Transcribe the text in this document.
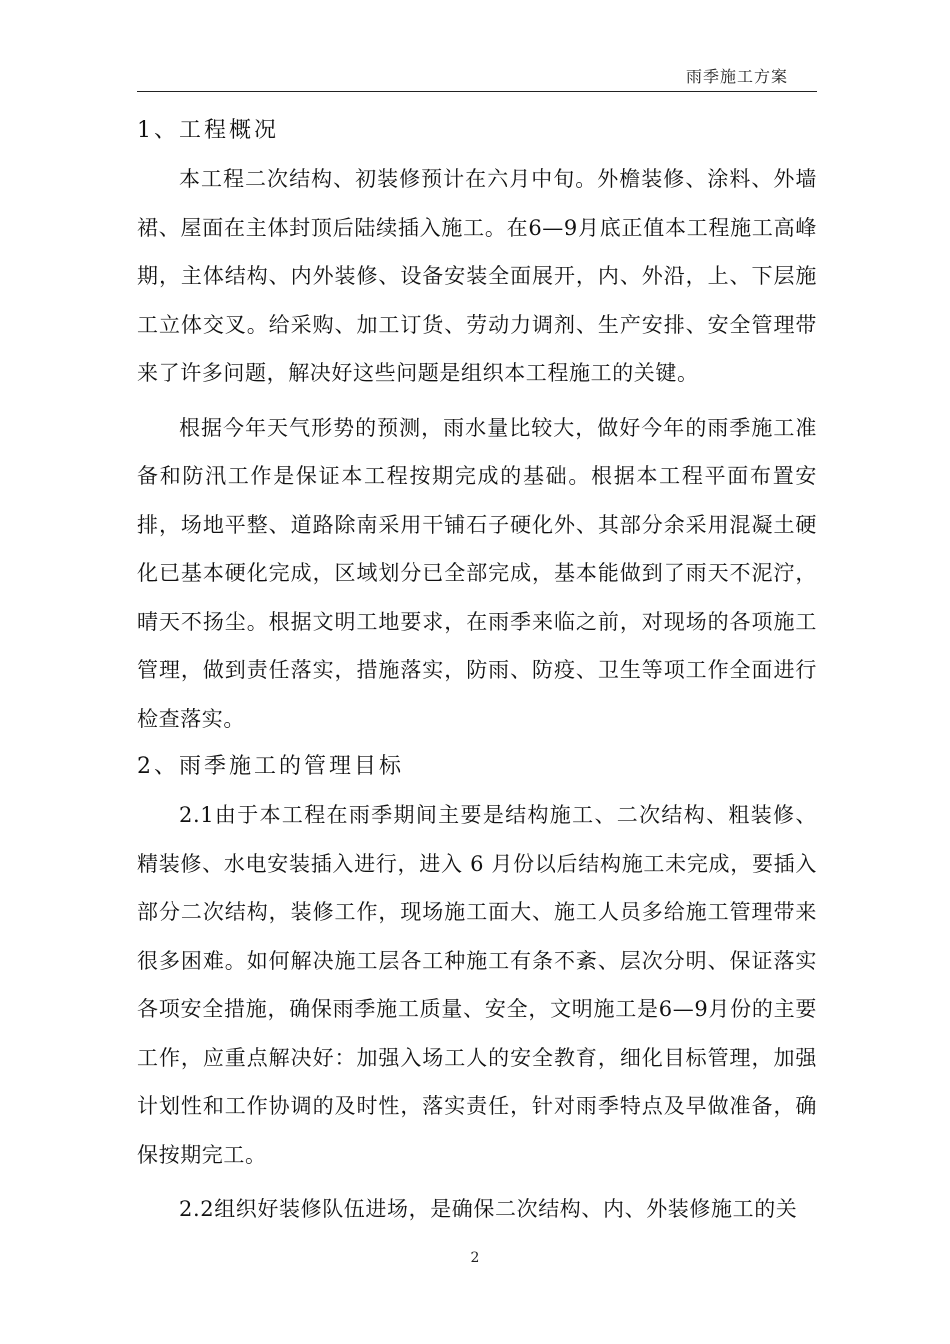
雨季施工方案
1、工程概况

本工程二次结构、初装修预计在六月中旬。外檐装修、涂料、外墙裙、屋面在主体封顶后陆续插入施工。在6—9月底正值本工程施工高峰期，主体结构、内外装修、设备安装全面展开，内、外沿，上、下层施工立体交叉。给采购、加工订货、劳动力调剂、生产安排、安全管理带来了许多问题，解决好这些问题是组织本工程施工的关键。

根据今年天气形势的预测，雨水量比较大，做好今年的雨季施工准备和防汛工作是保证本工程按期完成的基础。根据本工程平面布置安排，场地平整、道路除南采用干铺石子硬化外、其部分余采用混凝土硬化已基本硬化完成，区域划分已全部完成，基本能做到了雨天不泥泞，晴天不扬尘。根据文明工地要求，在雨季来临之前，对现场的各项施工管理，做到责任落实，措施落实，防雨、防疫、卫生等项工作全面进行检查落实。

2、雨季施工的管理目标

2.1由于本工程在雨季期间主要是结构施工、二次结构、粗装修、精装修、水电安装插入进行，进入 6 月份以后结构施工未完成，要插入部分二次结构，装修工作，现场施工面大、施工人员多给施工管理带来很多困难。如何解决施工层各工种施工有条不紊、层次分明、保证落实各项安全措施，确保雨季施工质量、安全，文明施工是6—9月份的主要工作，应重点解决好：加强入场工人的安全教育，细化目标管理，加强计划性和工作协调的及时性，落实责任，针对雨季特点及早做准备，确保按期完工。

2.2组织好装修队伍进场，是确保二次结构、内、外装修施工的关

2
